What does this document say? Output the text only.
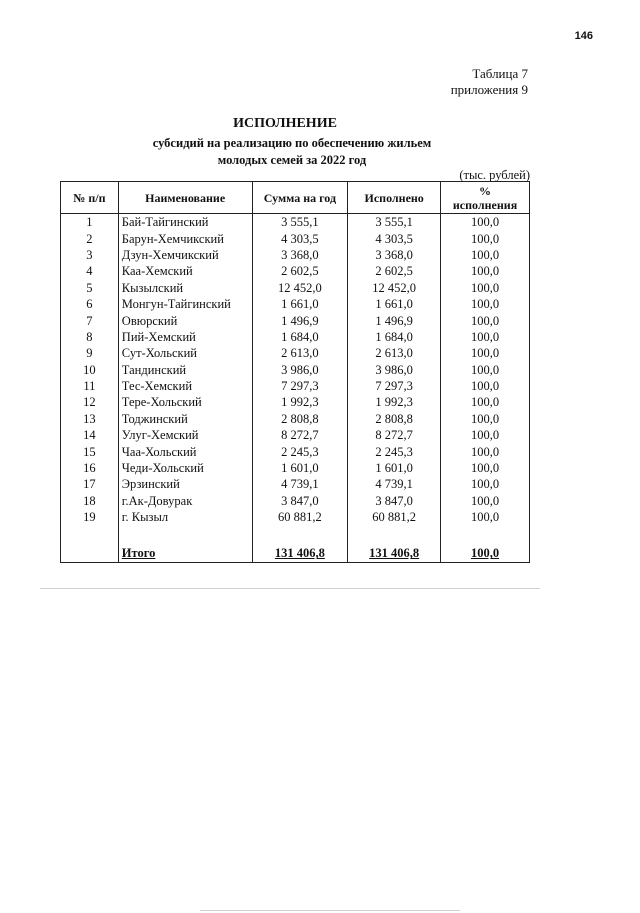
146
Таблица 7
приложения 9
ИСПОЛНЕНИЕ
субсидий на реализацию по обеспечению жильем
молодых семей за 2022 год
(тыс. рублей)
№ п/п	Наименование	Сумма на год	Исполнено	%
исполнения

1	Бай-Тайгинский	3 555,1	3 555,1	100,0
2	Барун-Хемчикский	4 303,5	4 303,5	100,0
3	Дзун-Хемчикский	3 368,0	3 368,0	100,0
4	Каа-Хемский	2 602,5	2 602,5	100,0
5	Кызылский	12 452,0	12 452,0	100,0
6	Монгун-Тайгинский	1 661,0	1 661,0	100,0
7	Овюрский	1 496,9	1 496,9	100,0
8	Пий-Хемский	1 684,0	1 684,0	100,0
9	Сут-Хольский	2 613,0	2 613,0	100,0
10	Тандинский	3 986,0	3 986,0	100,0
11	Тес-Хемский	7 297,3	7 297,3	100,0
12	Тере-Хольский	1 992,3	1 992,3	100,0
13	Тоджинский	2 808,8	2 808,8	100,0
14	Улуг-Хемский	8 272,7	8 272,7	100,0
15	Чаа-Хольский	2 245,3	2 245,3	100,0
16	Чеди-Хольский	1 601,0	1 601,0	100,0
17	Эрзинский	4 739,1	4 739,1	100,0
18	г.Ак-Довурак	3 847,0	3 847,0	100,0
19	г. Кызыл	60 881,2	60 881,2	100,0

	Итого	131 406,8	131 406,8	100,0
